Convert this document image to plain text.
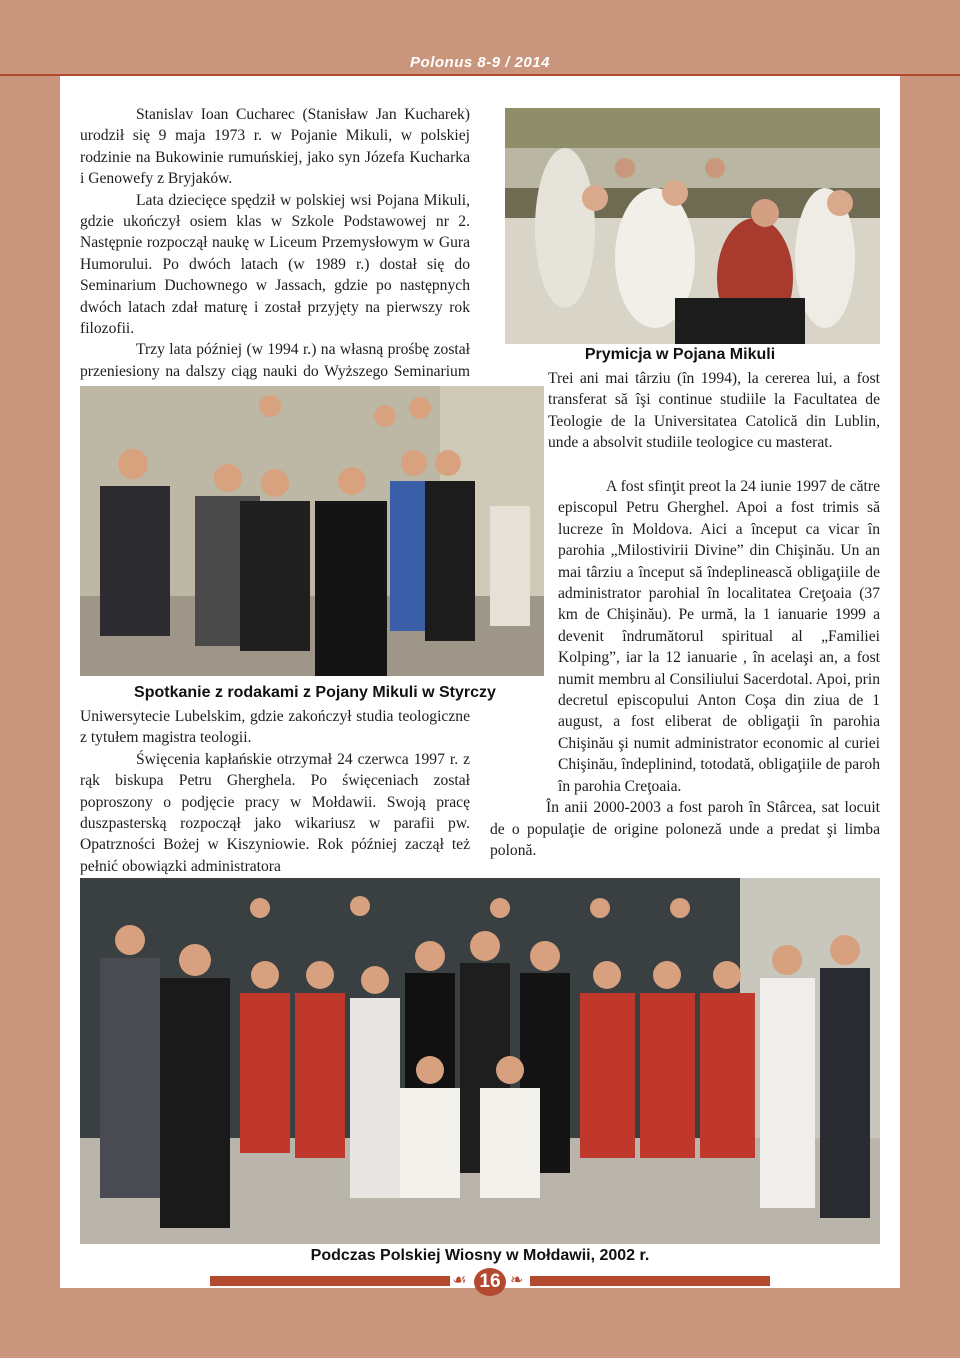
Polonus 8-9 / 2014

Stanislav Ioan Cucharec (Stanisław Jan Kucharek) urodził się 9 maja 1973 r. w Pojanie Mikuli, w polskiej rodzinie na Bukowinie rumuńskiej, jako syn Józefa Kucharka i Genowefy z Bryjaków.

Lata dziecięce spędził w polskiej wsi Pojana Mikuli, gdzie ukończył osiem klas w Szkole Podstawowej nr 2. Następnie rozpoczął naukę w Liceum Przemysłowym w Gura Humorului. Po dwóch latach (w 1989 r.) dostał się do Seminarium Duchownego w Jassach, gdzie po następnych dwóch latach zdał maturę i został przyjęty na pierwszy rok filozofii.

Trzy lata później (w 1994 r.) na własną prośbę został przeniesiony na dalszy ciąg nauki do Wyższego Seminarium

Prymicja w Pojana Mikuli
Spotkanie z rodakami z Pojany Mikuli w Styrczy

Uniwersytecie Lubelskim, gdzie zakończył studia teologiczne z tytułem magistra teologii.

Święcenia kapłańskie otrzymał 24 czerwca 1997 r. z rąk biskupa Petru Gherghela. Po święceniach został poproszony o podjęcie pracy w Mołdawii. Swoją pracę duszpasterską rozpoczął jako wikariusz w parafii pw. Opatrzności Bożej w Kiszyniowie. Rok później zaczął też pełnić obowiązki administratora

Trei ani mai târziu (în 1994), la cererea lui, a fost transferat să îşi continue studiile la Facultatea de Teologie de la Universitatea Catolică din Lublin, unde a absolvit studiile teologice cu masterat.

A fost sfinţit preot la 24 iunie 1997 de către episcopul Petru Gherghel. Apoi a fost trimis să lucreze în Moldova. Aici a început ca vicar în parohia „Milostivirii Divine” din Chişinău. Un an mai târziu a început să îndeplinească obligaţiile de administrator parohial în localitatea Creţoaia (37 km de Chişinău). Pe urmă, la 1 ianuarie 1999 a devenit îndrumătorul spiritual al „Familiei Kolping”, iar la 12 ianuarie , în acelaşi an, a fost numit membru al Consiliului Sacerdotal. Apoi, prin decretul episcopului Anton Coşa din ziua de 1 august, a fost eliberat de obligaţii în parohia Chişinău şi numit administrator economic al curiei Chişinău, îndeplinind, totodată, obligaţiile de paroh în parohia Creţoaia.

În anii 2000-2003 a fost paroh în Stârcea, sat locuit de o populaţie de origine poloneză unde a predat şi limba polonă.

Podczas Polskiej Wiosny w Mołdawii, 2002 r.
☙	❧
16
